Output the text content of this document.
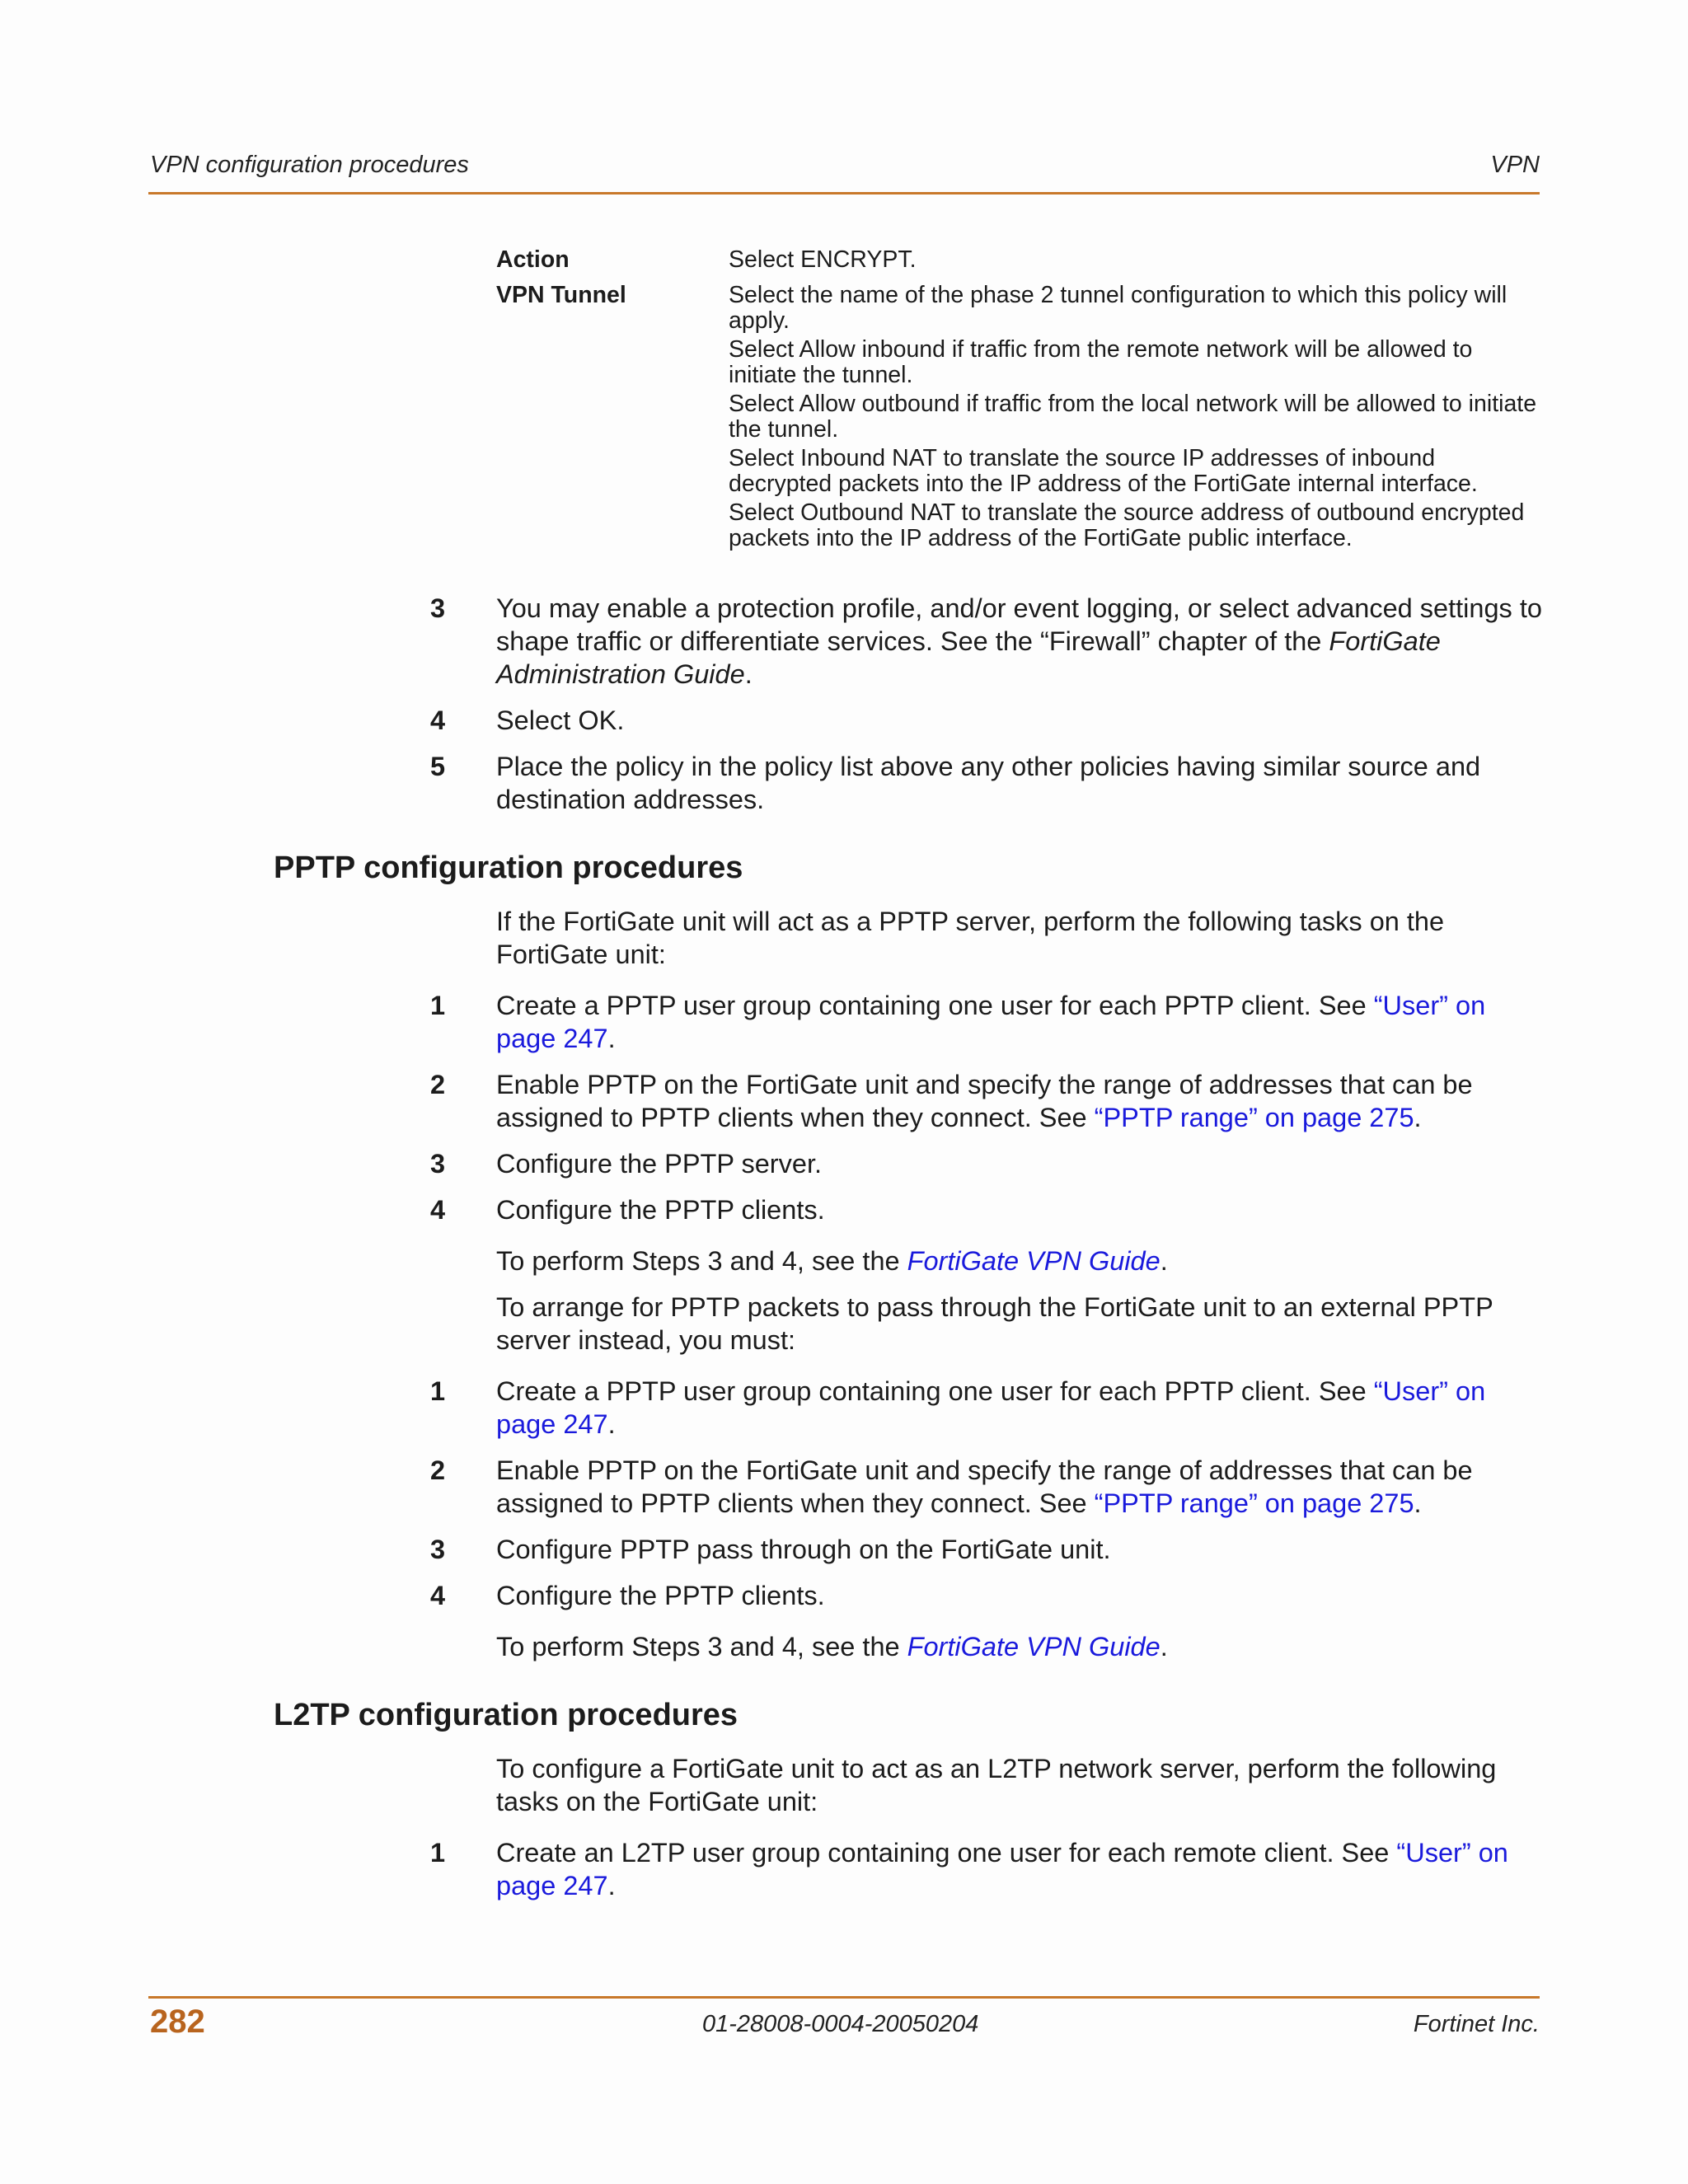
VPN configuration procedures	VPN
Action	Select ENCRYPT.

VPN Tunnel	Select the name of the phase 2 tunnel configuration to which this policy will apply.

Select Allow inbound if traffic from the remote network will be allowed to initiate the tunnel.

Select Allow outbound if traffic from the local network will be allowed to initiate the tunnel.

Select Inbound NAT to translate the source IP addresses of inbound decrypted packets into the IP address of the FortiGate internal interface.

Select Outbound NAT to translate the source address of outbound encrypted packets into the IP address of the FortiGate public interface.

3 You may enable a protection profile, and/or event logging, or select advanced settings to shape traffic or differentiate services. See the “Firewall” chapter of the FortiGate Administration Guide.

4 Select OK.

5 Place the policy in the policy list above any other policies having similar source and destination addresses.

PPTP configuration procedures

If the FortiGate unit will act as a PPTP server, perform the following tasks on the FortiGate unit:

1 Create a PPTP user group containing one user for each PPTP client. See “User” on page 247.

2 Enable PPTP on the FortiGate unit and specify the range of addresses that can be assigned to PPTP clients when they connect. See “PPTP range” on page 275.

3 Configure the PPTP server.

4 Configure the PPTP clients.

To perform Steps 3 and 4, see the FortiGate VPN Guide.

To arrange for PPTP packets to pass through the FortiGate unit to an external PPTP server instead, you must:

1 Create a PPTP user group containing one user for each PPTP client. See “User” on page 247.

2 Enable PPTP on the FortiGate unit and specify the range of addresses that can be assigned to PPTP clients when they connect. See “PPTP range” on page 275.

3 Configure PPTP pass through on the FortiGate unit.

4 Configure the PPTP clients.

To perform Steps 3 and 4, see the FortiGate VPN Guide.

L2TP configuration procedures

To configure a FortiGate unit to act as an L2TP network server, perform the following tasks on the FortiGate unit:

1 Create an L2TP user group containing one user for each remote client. See “User” on page 247.

282	01-28008-0004-20050204	Fortinet Inc.
